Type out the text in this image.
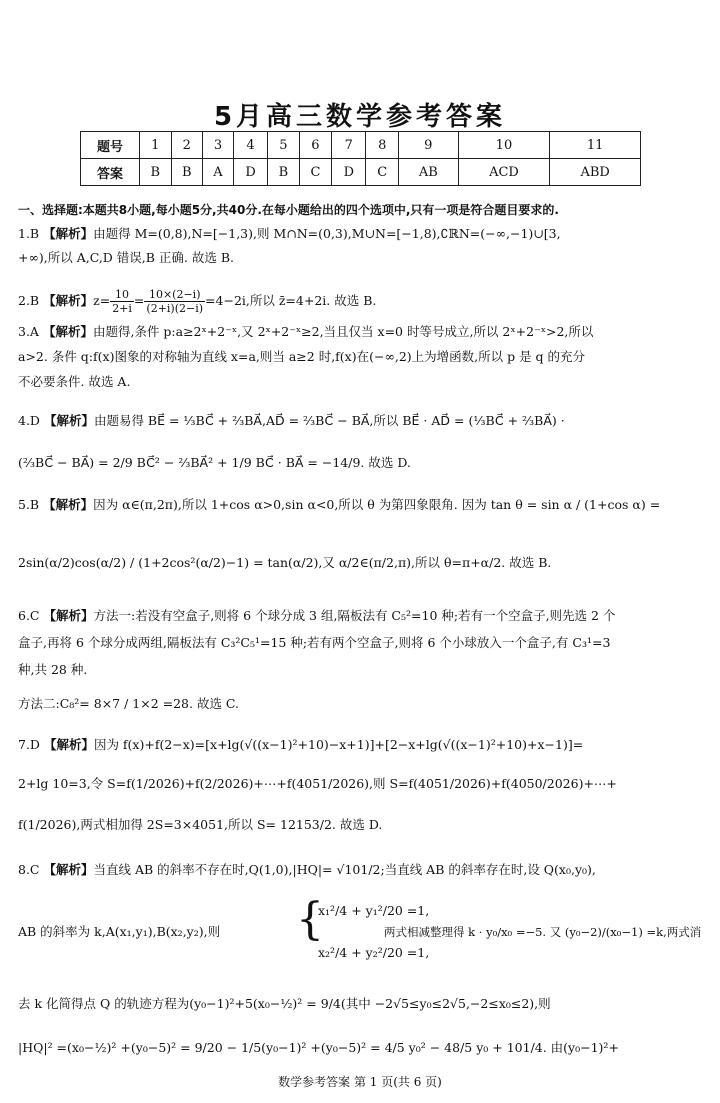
5月高三数学参考答案
题号	1	2	3	4	5	6	7	8	9	10	11
答案	B	B	A	D	B	C	D	C	AB	ACD	ABD
一、选择题:本题共8小题,每小题5分,共40分.在每小题给出的四个选项中,只有一项是符合题目要求的.
1.B 【解析】由题得 M=(0,8),N=[−1,3),则 M∩N=(0,3),M∪N=[−1,8),∁ℝN=(−∞,−1)∪[3,
+∞),所以 A,C,D 错误,B 正确. 故选 B.
2.B 【解析】$z= \frac{10}{2+i} = \frac{10\times(2-i)}{(2+i)(2-i)} =4-2i$,所以 z̄=4+2i. 故选 B.
3.A 【解析】由题得,条件 p:a≥2ˣ+2⁻ˣ,又 2ˣ+2⁻ˣ≥2,当且仅当 x=0 时等号成立,所以 2ˣ+2⁻ˣ>2,所以
a>2. 条件 q:f(x)图象的对称轴为直线 x=a,则当 a≥2 时,f(x)在(−∞,2)上为增函数,所以 p 是 q 的充分
不必要条件. 故选 A.
4.D 【解析】由题易得 BE⃗ = ⅓BC⃗ + ⅔BA⃗,AD⃗ = ⅔BC⃗ − BA⃗,所以 BE⃗ · AD⃗ = (⅓BC⃗ + ⅔BA⃗) ·
(⅔BC⃗ − BA⃗) = 2/9 BC⃗² − ⅔BA⃗² + 1/9 BC⃗ · BA⃗ = −14/9. 故选 D.
5.B 【解析】因为 α∈(π,2π),所以 1+cos α>0,sin α<0,所以 θ 为第四象限角. 因为 tan θ = sin α / (1+cos α) =
2sin(α/2)cos(α/2) / (1+2cos²(α/2)−1) = tan(α/2),又 α/2∈(π/2,π),所以 θ=π+α/2. 故选 B.
6.C 【解析】方法一:若没有空盒子,则将 6 个球分成 3 组,隔板法有 C₅²=10 种;若有一个空盒子,则先选 2 个
盒子,再将 6 个球分成两组,隔板法有 C₃²C₅¹=15 种;若有两个空盒子,则将 6 个小球放入一个盒子,有 C₃¹=3
种,共 28 种.
方法二:C₈²= 8×7 / 1×2 =28. 故选 C.
7.D 【解析】因为 f(x)+f(2−x)=[x+lg(√((x−1)²+10)−x+1)]+[2−x+lg(√((x−1)²+10)+x−1)]=
2+lg 10=3,令 S=f(1/2026)+f(2/2026)+⋯+f(4051/2026),则 S=f(4051/2026)+f(4050/2026)+⋯+
f(1/2026),两式相加得 2S=3×4051,所以 S= 12153/2. 故选 D.
8.C 【解析】当直线 AB 的斜率不存在时,Q(1,0),|HQ|= √101/2;当直线 AB 的斜率存在时,设 Q(x₀,y₀),
AB 的斜率为 k,A(x₁,y₁),B(x₂,y₂),则	{
x₁²/4 + y₁²/20 =1,
x₂²/4 + y₂²/20 =1,
两式相减整理得 k · y₀/x₀ =−5. 又 (y₀−2)/(x₀−1) =k,两式消
去 k 化简得点 Q 的轨迹方程为(y₀−1)²+5(x₀−½)² = 9/4(其中 −2√5≤y₀≤2√5,−2≤x₀≤2),则
|HQ|² =(x₀−½)² +(y₀−5)² = 9/20 − 1/5(y₀−1)² +(y₀−5)² = 4/5 y₀² − 48/5 y₀ + 101/4. 由(y₀−1)²+
数学参考答案 第 1 页(共 6 页)
